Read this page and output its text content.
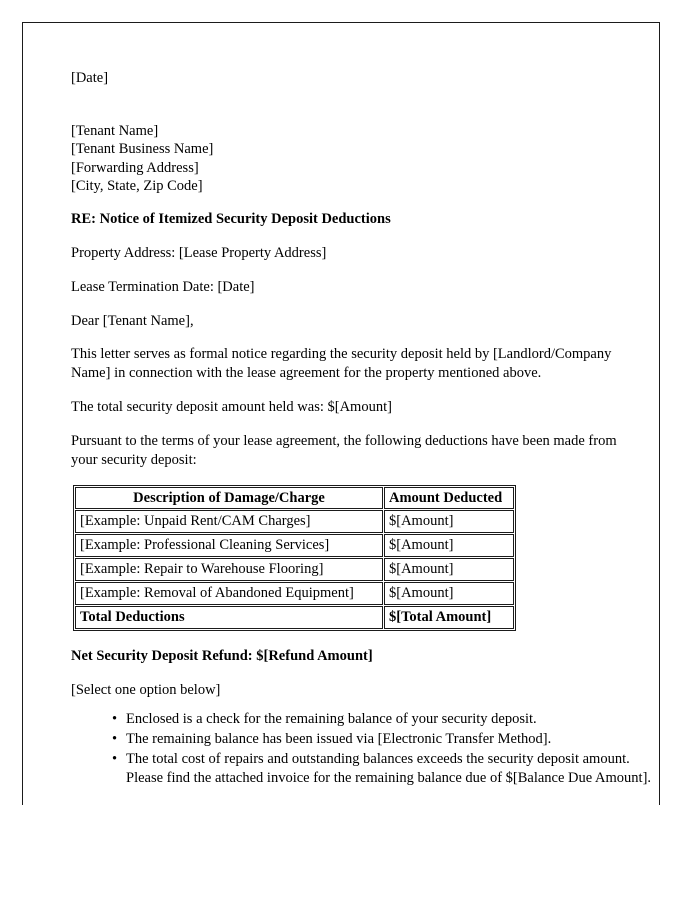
[Date]

[Tenant Name]
[Tenant Business Name]
[Forwarding Address]
[City, State, Zip Code]

RE: Notice of Itemized Security Deposit Deductions

Property Address: [Lease Property Address]

Lease Termination Date: [Date]

Dear [Tenant Name],

This letter serves as formal notice regarding the security deposit held by [Landlord/Company Name] in connection with the lease agreement for the property mentioned above.

The total security deposit amount held was: $[Amount]

Pursuant to the terms of your lease agreement, the following deductions have been made from your security deposit:

Description of Damage/Charge	Amount Deducted
[Example: Unpaid Rent/CAM Charges]	$[Amount]
[Example: Professional Cleaning Services]	$[Amount]
[Example: Repair to Warehouse Flooring]	$[Amount]
[Example: Removal of Abandoned Equipment]	$[Amount]
Total Deductions	$[Total Amount]

Net Security Deposit Refund: $[Refund Amount]

[Select one option below]

• Enclosed is a check for the remaining balance of your security deposit.
• The remaining balance has been issued via [Electronic Transfer Method].
• The total cost of repairs and outstanding balances exceeds the security deposit amount. Please find the attached invoice for the remaining balance due of $[Balance Due Amount].
